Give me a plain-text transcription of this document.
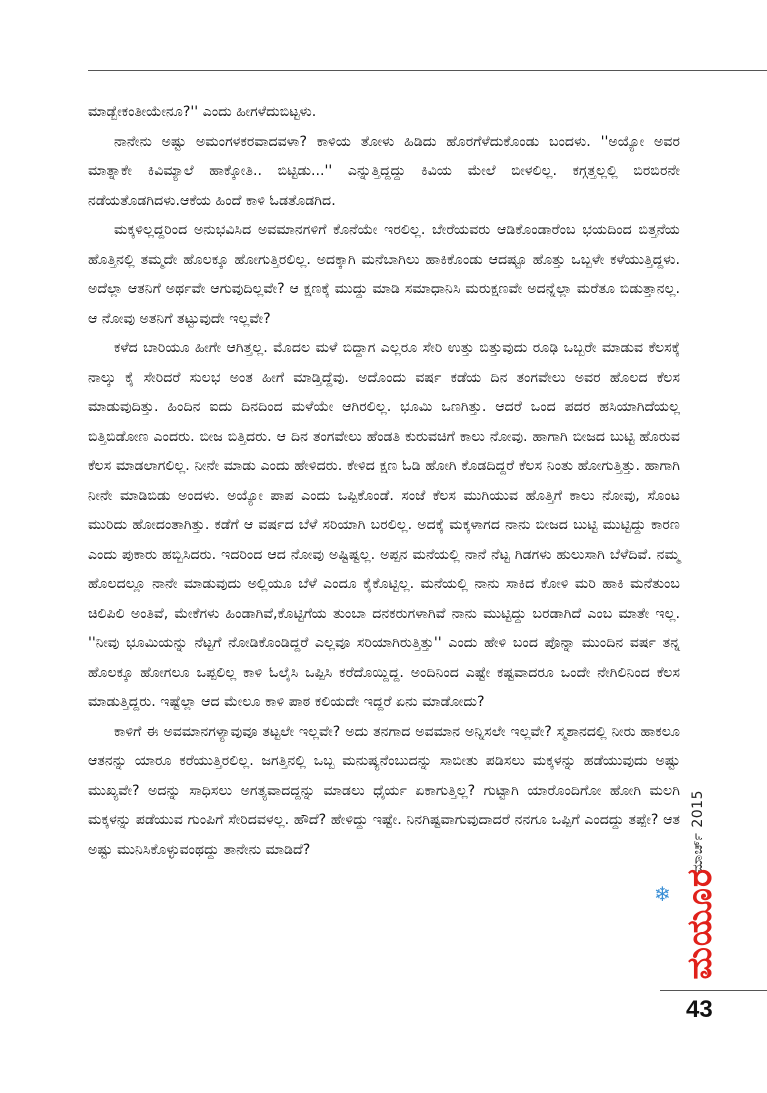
ಮಾಡ್ಬೇಕಂತೀಯೇನೂ?'' ಎಂದು ಹೀಗಳೆದುಬಿಟ್ಟಳು.

ನಾನೇನು ಅಷ್ಟು ಅಮಂಗಳಕರವಾದವಳಾ? ಕಾಳಿಯ ತೋಳು ಹಿಡಿದು ಹೊರಗೆಳೆದುಕೊಂಡು ಬಂದಳು. ''ಅಯ್ಯೋ ಅವರ ಮಾತ್ನಾಕೇ ಕಿವಿಮ್ಯಾಲೆ ಹಾಕ್ಕೋತಿ.. ಬಿಟ್ಟಿಡು...'' ಎನ್ನುತ್ತಿದ್ದದ್ದು ಕಿವಿಯ ಮೇಲೆ ಬೀಳಲಿಲ್ಲ. ಕಗ್ಗತ್ತಲ್ಲಲ್ಲಿ ಬಿರಬಿರನೇ ನಡೆಯತೊಡಗಿದಳು.ಆಕೆಯ ಹಿಂದೆ ಕಾಳಿ ಓಡತೊಡಗಿದ.

ಮಕ್ಕಳಿಲ್ಲದ್ದರಿಂದ ಅನುಭವಿಸಿದ ಅವಮಾನಗಳಿಗೆ ಕೊನೆಯೇ ಇರಲಿಲ್ಲ. ಬೇರೆಯವರು ಆಡಿಕೊಂಡಾರೆಂಬ ಭಯದಿಂದ ಬಿತ್ತನೆಯ ಹೊತ್ತಿನಲ್ಲಿ ತಮ್ಮದೇ ಹೊಲಕ್ಕೂ ಹೋಗುತ್ತಿರಲಿಲ್ಲ. ಅದಕ್ಕಾಗಿ ಮನೆಬಾಗಿಲು ಹಾಕಿಕೊಂಡು ಆದಷ್ಟೂ ಹೊತ್ತು ಒಬ್ಬಳೇ ಕಳೆಯುತ್ತಿದ್ದಳು. ಅದೆಲ್ಲಾ ಆತನಿಗೆ ಅರ್ಥವೇ ಆಗುವುದಿಲ್ಲವೇ? ಆ ಕ್ಷಣಕ್ಕೆ ಮುದ್ದು ಮಾಡಿ ಸಮಾಧಾನಿಸಿ ಮರುಕ್ಷಣವೇ ಅದನ್ನೆಲ್ಲಾ ಮರೆತೂ ಬಿಡುತ್ತಾನಲ್ಲ. ಆ ನೋವು ಅತನಿಗೆ ತಟ್ಟುವುದೇ ಇಲ್ಲವೇ?

ಕಳೆದ ಬಾರಿಯೂ ಹೀಗೇ ಆಗಿತ್ತಲ್ಲ. ಮೊದಲ ಮಳೆ ಬಿದ್ದಾಗ ಎಲ್ಲರೂ ಸೇರಿ ಉತ್ತು ಬಿತ್ತುವುದು ರೂಢಿ ಒಬ್ಬರೇ ಮಾಡುವ ಕೆಲಸಕ್ಕೆ ನಾಲ್ಕು ಕೈ ಸೇರಿದರೆ ಸುಲಭ ಅಂತ ಹೀಗೆ ಮಾಡ್ತಿದ್ದೆವು. ಅದೊಂದು ವರ್ಷ ಕಡೆಯ ದಿನ ತಂಗವೇಲು ಅವರ ಹೊಲದ ಕೆಲಸ ಮಾಡುವುದಿತ್ತು. ಹಿಂದಿನ ಐದು ದಿನದಿಂದ ಮಳೆಯೇ ಆಗಿರಲಿಲ್ಲ. ಭೂಮಿ ಒಣಗಿತ್ತು. ಆದರೆ ಒಂದ ಪದರ ಹಸಿಯಾಗಿದೆಯಲ್ಲ ಬಿತ್ತಿಬಿಡೋಣ ಎಂದರು. ಬೀಜ ಬಿತ್ತಿದರು. ಆ ದಿನ ತಂಗವೇಲು ಹೆಂಡತಿ ಕುರುವಚಿಗೆ ಕಾಲು ನೋವು. ಹಾಗಾಗಿ ಬೀಜದ ಬುಟ್ಟಿ ಹೊರುವ ಕೆಲಸ ಮಾಡಲಾಗಲಿಲ್ಲ. ನೀನೇ ಮಾಡು ಎಂದು ಹೇಳಿದರು. ಕೇಳಿದ ಕ್ಷಣ ಓಡಿ ಹೋಗಿ ಕೊಡದಿದ್ದರೆ ಕೆಲಸ ನಿಂತು ಹೋಗುತ್ತಿತ್ತು. ಹಾಗಾಗಿ ನೀನೇ ಮಾಡಿಬಿಡು ಅಂದಳು. ಅಯ್ಯೋ ಪಾಪ ಎಂದು ಒಪ್ಪಿಕೊಂಡೆ. ಸಂಜೆ ಕೆಲಸ ಮುಗಿಯುವ ಹೊತ್ತಿಗೆ ಕಾಲು ನೋವು, ಸೊಂಟ ಮುರಿದು ಹೋದಂತಾಗಿತ್ತು. ಕಡೆಗೆ ಆ ವರ್ಷದ ಬೆಳೆ ಸರಿಯಾಗಿ ಬರಲಿಲ್ಲ. ಅದಕ್ಕೆ ಮಕ್ಕಳಾಗದ ನಾನು ಬೀಜದ ಬುಟ್ಟಿ ಮುಟ್ಟಿದ್ದು ಕಾರಣ ಎಂದು ಪುಕಾರು ಹಬ್ಬಿಸಿದರು. ಇದರಿಂದ ಆದ ನೋವು ಅಷ್ಟಿಷ್ಟಲ್ಲ. ಅಪ್ಪನ ಮನೆಯಲ್ಲಿ ನಾನೆ ನೆಟ್ಟ ಗಿಡಗಳು ಹುಲುಸಾಗಿ ಬೆಳೆದಿವೆ. ನಮ್ಮ ಹೊಲದಲ್ಲೂ ನಾನೇ ಮಾಡುವುದು ಅಲ್ಲಿಯೂ ಬೆಳೆ ಎಂದೂ ಕೈಕೊಟ್ಟಿಲ್ಲ. ಮನೆಯಲ್ಲಿ ನಾನು ಸಾಕಿದ ಕೋಳಿ ಮರಿ ಹಾಕಿ ಮನೆತುಂಬ ಚಿಲಿಪಿಲಿ ಅಂತಿವೆ, ಮೇಕೆಗಳು ಹಿಂಡಾಗಿವೆ,ಕೊಟ್ಟಿಗೆಯ ತುಂಬಾ ದನಕರುಗಳಾಗಿವೆ ನಾನು ಮುಟ್ಟಿದ್ದು ಬರಡಾಗಿದೆ ಎಂಬ ಮಾತೇ ಇಲ್ಲ. ''ನೀವು ಭೂಮಿಯನ್ನು ನೆಟ್ಟಗೆ ನೋಡಿಕೊಂಡಿದ್ದರೆ ಎಲ್ಲವೂ ಸರಿಯಾಗಿರುತ್ತಿತ್ತು'' ಎಂದು ಹೇಳಿ ಬಂದ ಪೊನ್ನಾ ಮುಂದಿನ ವರ್ಷ ತನ್ನ ಹೊಲಕ್ಕೂ ಹೋಗಲೂ ಒಪ್ಪಲಿಲ್ಲ ಕಾಳಿ ಓಲೈಸಿ ಒಪ್ಪಿಸಿ ಕರೆದೊಯ್ದಿದ್ದ. ಅಂದಿನಿಂದ ಎಷ್ಟೇ ಕಷ್ಟವಾದರೂ ಒಂದೇ ನೇಗಿಲಿನಿಂದ ಕೆಲಸ ಮಾಡುತ್ತಿದ್ದರು. ಇಷ್ಟೆಲ್ಲಾ ಆದ ಮೇಲೂ ಕಾಳಿ ಪಾಠ ಕಲಿಯದೇ ಇದ್ದರೆ ಏನು ಮಾಡೋದು?

ಕಾಳಿಗೆ ಈ ಅವಮಾನಗಳ್ಯಾವುವೂ ತಟ್ಟಲೇ ಇಲ್ಲವೇ? ಅದು ತನಗಾದ ಅವಮಾನ ಅನ್ನಿಸಲೇ ಇಲ್ಲವೇ? ಸ್ಮಶಾನದಲ್ಲಿ ನೀರು ಹಾಕಲೂ ಆತನನ್ನು ಯಾರೂ ಕರೆಯುತ್ತಿರಲಿಲ್ಲ. ಜಗತ್ತಿನಲ್ಲಿ ಒಬ್ಬ ಮನುಷ್ಯನೆಂಬುದನ್ನು ಸಾಬೀತು ಪಡಿಸಲು ಮಕ್ಕಳನ್ನು ಹಡೆಯುವುದು ಅಷ್ಟು ಮುಖ್ಯವೇ? ಅದನ್ನು ಸಾಧಿಸಲು ಅಗತ್ಯವಾದದ್ದನ್ನು ಮಾಡಲು ಧೈರ್ಯ ಏಕಾಗುತ್ತಿಲ್ಲ? ಗುಟ್ಟಾಗಿ ಯಾರೊಂದಿಗೋ ಹೋಗಿ ಮಲಗಿ ಮಕ್ಕಳನ್ನು ಪಡೆಯುವ ಗುಂಪಿಗೆ ಸೇರಿದವಳಲ್ಲ. ಹೌದೆ? ಹೇಳಿದ್ದು ಇಷ್ಟೇ. ನಿನಗಿಷ್ಟವಾಗುವುದಾದರೆ ನನಗೂ ಒಪ್ಪಿಗೆ ಎಂದದ್ದು ತಪ್ಪೇ? ಆತ ಅಷ್ಟು ಮುನಿಸಿಕೊಳ್ಳುವಂಥದ್ದು ತಾನೇನು ಮಾಡಿದೆ?	ಮಾರ್ಚ್ 2015
❄ ಮಯೂರ
43
